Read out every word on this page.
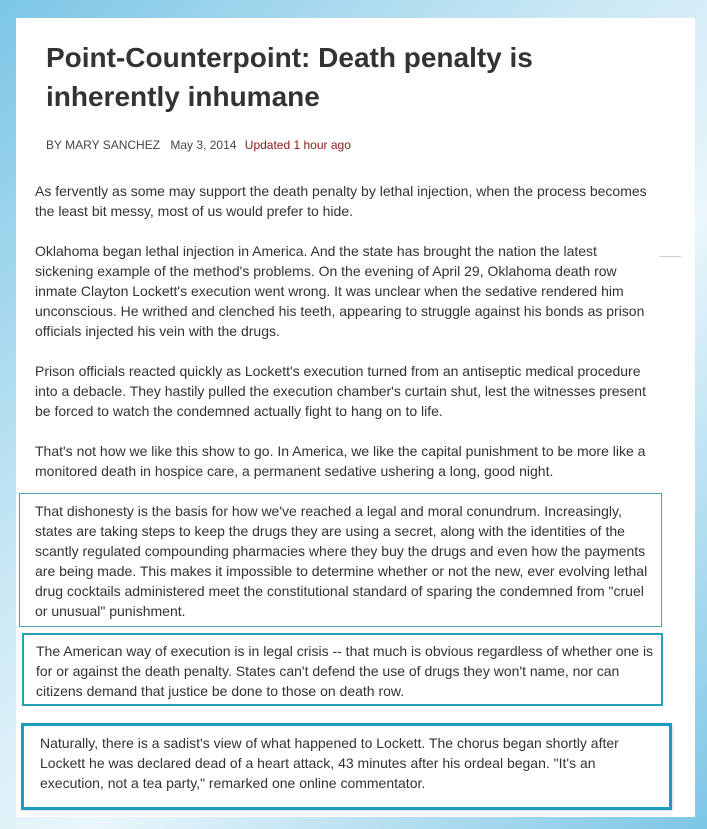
Point-Counterpoint: Death penalty is inherently inhumane
BY MARY SANCHEZ May 3, 2014 Updated 1 hour ago

As fervently as some may support the death penalty by lethal injection, when the process becomes the least bit messy, most of us would prefer to hide.

Oklahoma began lethal injection in America. And the state has brought the nation the latest sickening example of the method's problems. On the evening of April 29, Oklahoma death row inmate Clayton Lockett's execution went wrong. It was unclear when the sedative rendered him unconscious. He writhed and clenched his teeth, appearing to struggle against his bonds as prison officials injected his vein with the drugs.

Prison officials reacted quickly as Lockett's execution turned from an antiseptic medical procedure into a debacle. They hastily pulled the execution chamber's curtain shut, lest the witnesses present be forced to watch the condemned actually fight to hang on to life.

That's not how we like this show to go. In America, we like the capital punishment to be more like a monitored death in hospice care, a permanent sedative ushering a long, good night.

That dishonesty is the basis for how we've reached a legal and moral conundrum. Increasingly, states are taking steps to keep the drugs they are using a secret, along with the identities of the scantly regulated compounding pharmacies where they buy the drugs and even how the payments are being made. This makes it impossible to determine whether or not the new, ever evolving lethal drug cocktails administered meet the constitutional standard of sparing the condemned from "cruel or unusual" punishment.

The American way of execution is in legal crisis -- that much is obvious regardless of whether one is for or against the death penalty. States can't defend the use of drugs they won't name, nor can citizens demand that justice be done to those on death row.

Naturally, there is a sadist's view of what happened to Lockett. The chorus began shortly after Lockett he was declared dead of a heart attack, 43 minutes after his ordeal began. "It's an execution, not a tea party," remarked one online commentator.
